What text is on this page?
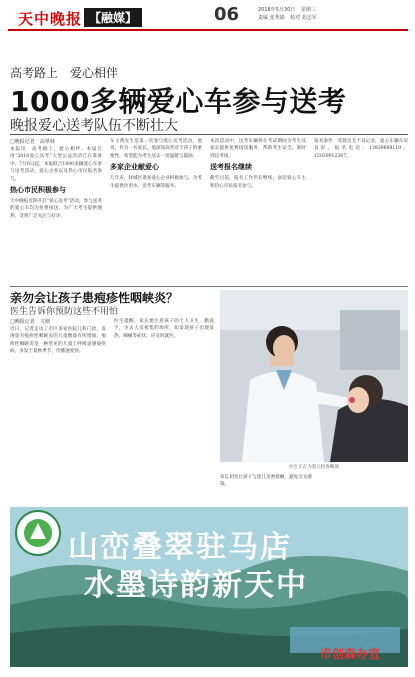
天中晚报 【融媒】	06	2018年5月30日 星期三
责编 张秀娟 校对 胡志军
高考路上　爱心相伴
1000多辆爱心车参与送考
晚报爱心送考队伍不断壮大
□晚报记者　高翠林
本报讯　高考路上，爱心相伴。本届自由“2018爱心送考”大型公益活动已在准备中，7月6日起，本报联合1000多辆爱心车参与送考活动，爱心企业以及热心市民报名参与。
热心市民积极参与
天中晚报近期开启“爱心送考”活动，参与送考的爱心车均为免费接送，为广大考生提供便利，受到广泛关注与好评。
车主黄先生是第一次参与爱心送考活动，他说，作为一名家长，他深知高考对于孩子的重要性，希望能为考生送去一份温暖与鼓励。
多家企业献爱心
几年来，驿城区诸多爱心企业积极参与，为考生提供饮用水、送考车辆等服务。
本次活动中，送考车辆将在考试期间为考生及家长提供免费接送服务，帮助考生安全、准时到达考场。
送考报名继续
截至目前，报名工作仍在继续，欢迎爱心车主和热心市民报名参与。
报名条件：驾驶员无不良记录，爱心车辆车况良好。报名电话：13839608110、15039912367。
亲勿会让孩子患疱疹性咽峡炎？
医生告诉你预防这些不用怕
□晚报记者　文刚
近日，记者走访了市区多家医院儿科门诊，发现患有疱疹性咽峡炎的儿童数量有所增加。疱疹性咽峡炎是一种常见的儿童上呼吸道感染疾病，多发于夏秋季节，传播速度快。
医生提醒，家长要注意孩子的个人卫生，勤洗手，少去人员密集的场所，如发现孩子出现发热、咽痛等症状，应及时就医。
家长切勿让孩子与患儿亲密接触，避免交叉感染。
医生正在为患儿检查咽部
山峦叠翠驻马店
水墨诗韵新天中
市创森办宣
